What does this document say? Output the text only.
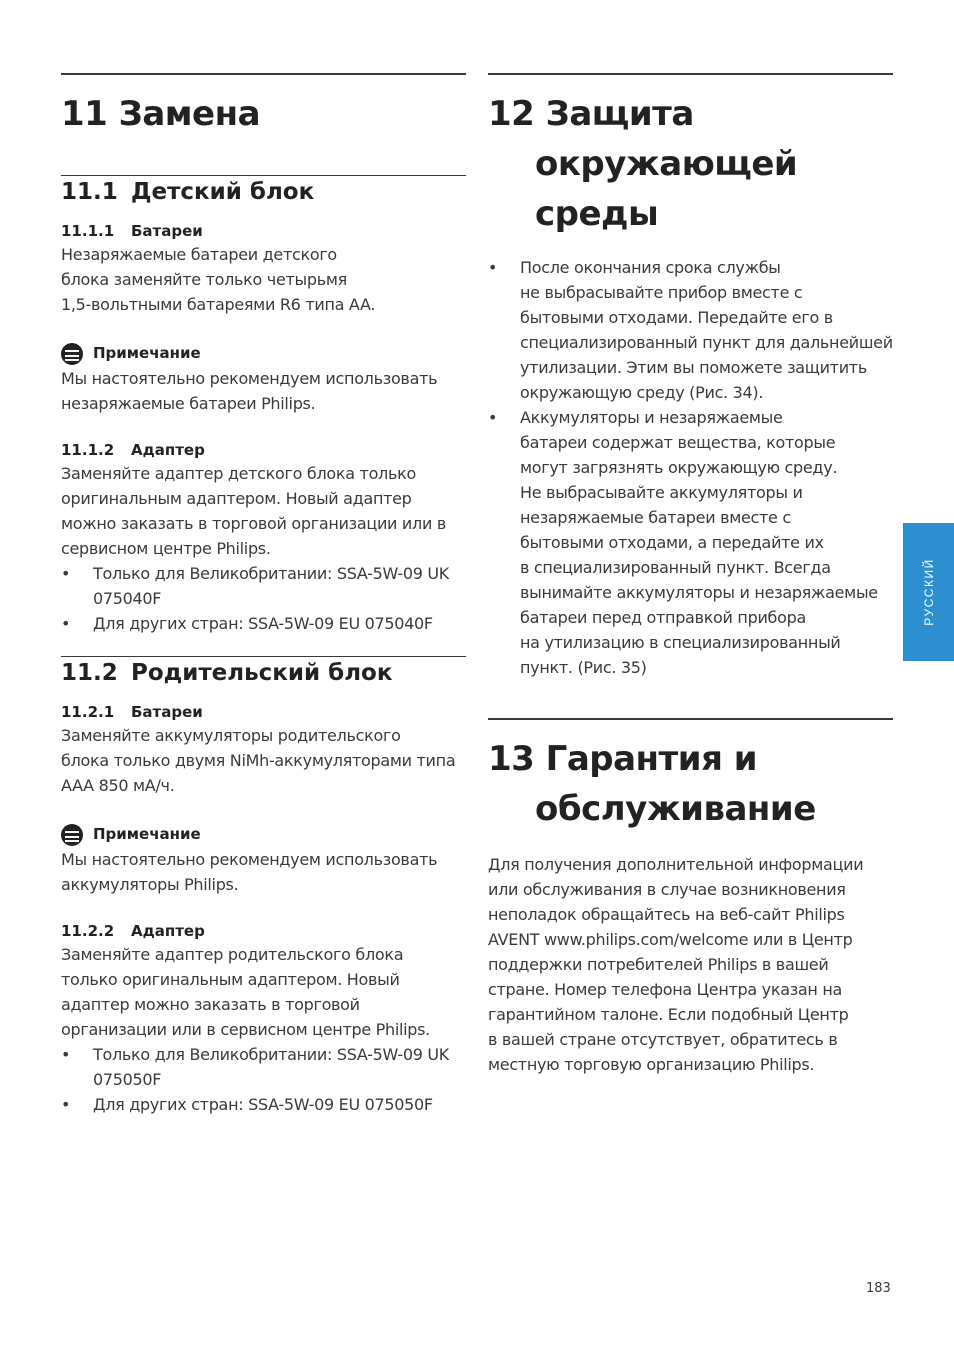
11 Замена
11.1 Детский блок
11.1.1 Батареи

Незаряжаемые батареи детского
блока заменяйте только четырьмя
1,5-вольтными батареями R6 типа AA.

Примечание

Мы настоятельно рекомендуем использовать
незаряжаемые батареи Philips.

11.1.2 Адаптер

Заменяйте адаптер детского блока только
оригинальным адаптером. Новый адаптер
можно заказать в торговой организации или в
сервисном центре Philips.

•	Только для Великобритании: SSA-5W-09 UK
075040F
•	Для других стран: SSA-5W-09 EU 075040F
11.2 Родительский блок
11.2.1 Батареи

Заменяйте аккумуляторы родительского
блока только двумя NiMh-аккумуляторами типа
AAA 850 мА/ч.

Примечание

Мы настоятельно рекомендуем использовать
аккумуляторы Philips.

11.2.2 Адаптер

Заменяйте адаптер родительского блока
только оригинальным адаптером. Новый
адаптер можно заказать в торговой
организации или в сервисном центре Philips.

•	Только для Великобритании: SSA-5W-09 UK
075050F
•	Для других стран: SSA-5W-09 EU 075050F
12 Защита
окружающей среды
•	После окончания срока службы
не выбрасывайте прибор вместе с
бытовыми отходами. Передайте его в
специализированный пункт для дальнейшей
утилизации. Этим вы поможете защитить
окружающую среду (Рис. 34).
•	Аккумуляторы и незаряжаемые
батареи содержат вещества, которые
могут загрязнять окружающую среду.
Не выбрасывайте аккумуляторы и
незаряжаемые батареи вместе с
бытовыми отходами, а передайте их
в специализированный пункт. Всегда
вынимайте аккумуляторы и незаряжаемые
батареи перед отправкой прибора
на утилизацию в специализированный
пункт. (Рис. 35)
13 Гарантия и
обслуживание

Для получения дополнительной информации
или обслуживания в случае возникновения
неполадок обращайтесь на веб-сайт Philips
AVENT www.philips.com/welcome или в Центр
поддержки потребителей Philips в вашей
стране. Номер телефона Центра указан на
гарантийном талоне. Если подобный Центр
в вашей стране отсутствует, обратитесь в
местную торговую организацию Philips.

РУССКИЙ
183
